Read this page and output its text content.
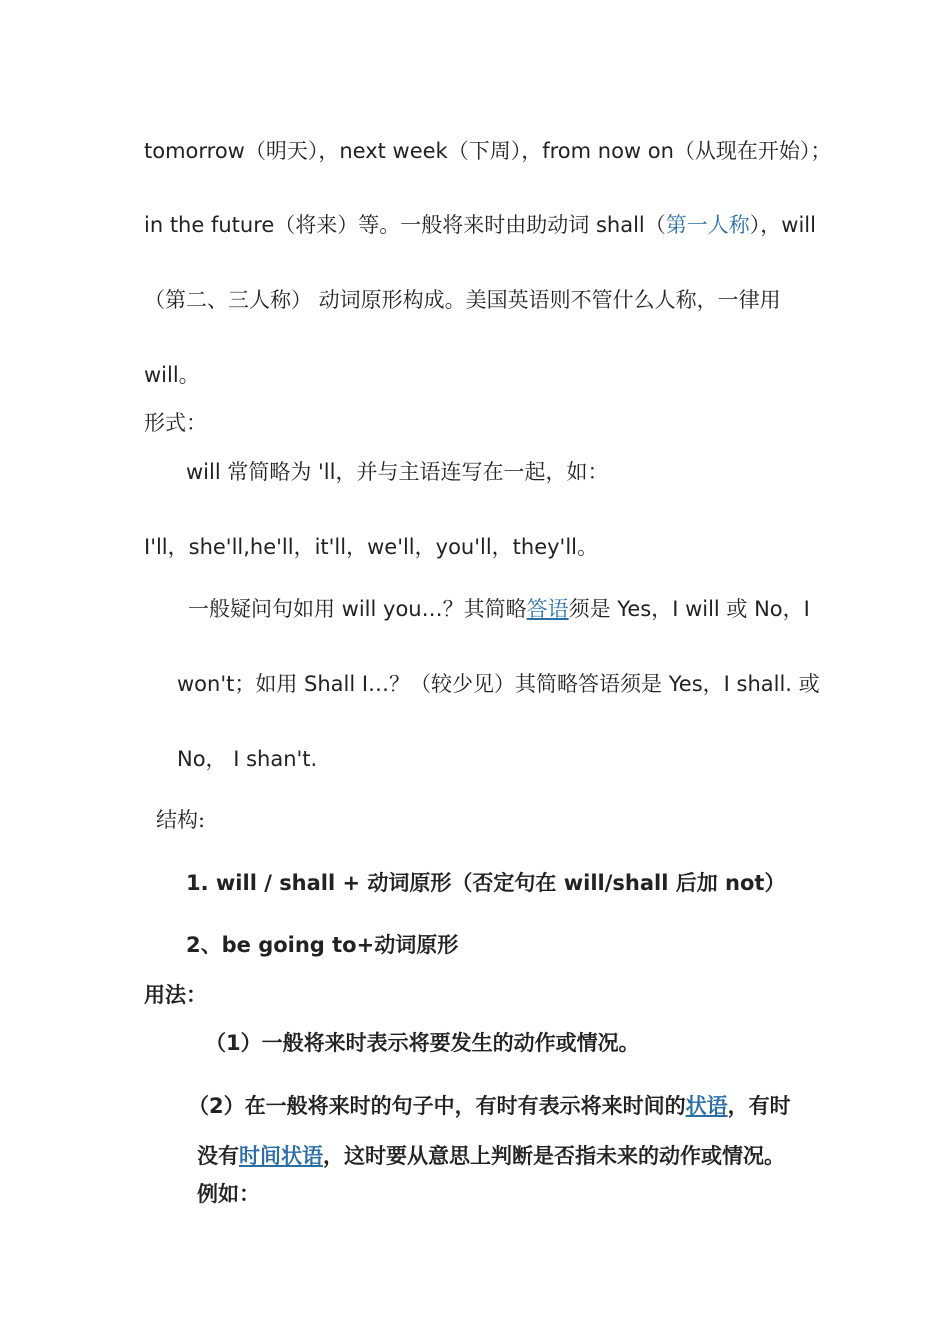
tomorrow（明天），next week（下周），from now on（从现在开始）；
in the future（将来）等。一般将来时由助动词 shall（第一人称），will
（第二、三人称） 动词原形构成。美国英语则不管什么人称，一律用
will。
形式：
will 常简略为 'll，并与主语连写在一起，如：
I'll，she'll,he'll，it'll，we'll，you'll，they'll。
一般疑问句如用 will you…？其简略答语须是 Yes，I will 或 No，I
won't；如用 Shall I…？（较少见）其简略答语须是 Yes，I shall. 或
No， I shan't.
结构:
1. will / shall + 动词原形（否定句在 will/shall 后加 not）
2、be going to+动词原形
用法：
（1）一般将来时表示将要发生的动作或情况。
（2）在一般将来时的句子中，有时有表示将来时间的状语，有时
没有时间状语，这时要从意思上判断是否指未来的动作或情况。
例如：
